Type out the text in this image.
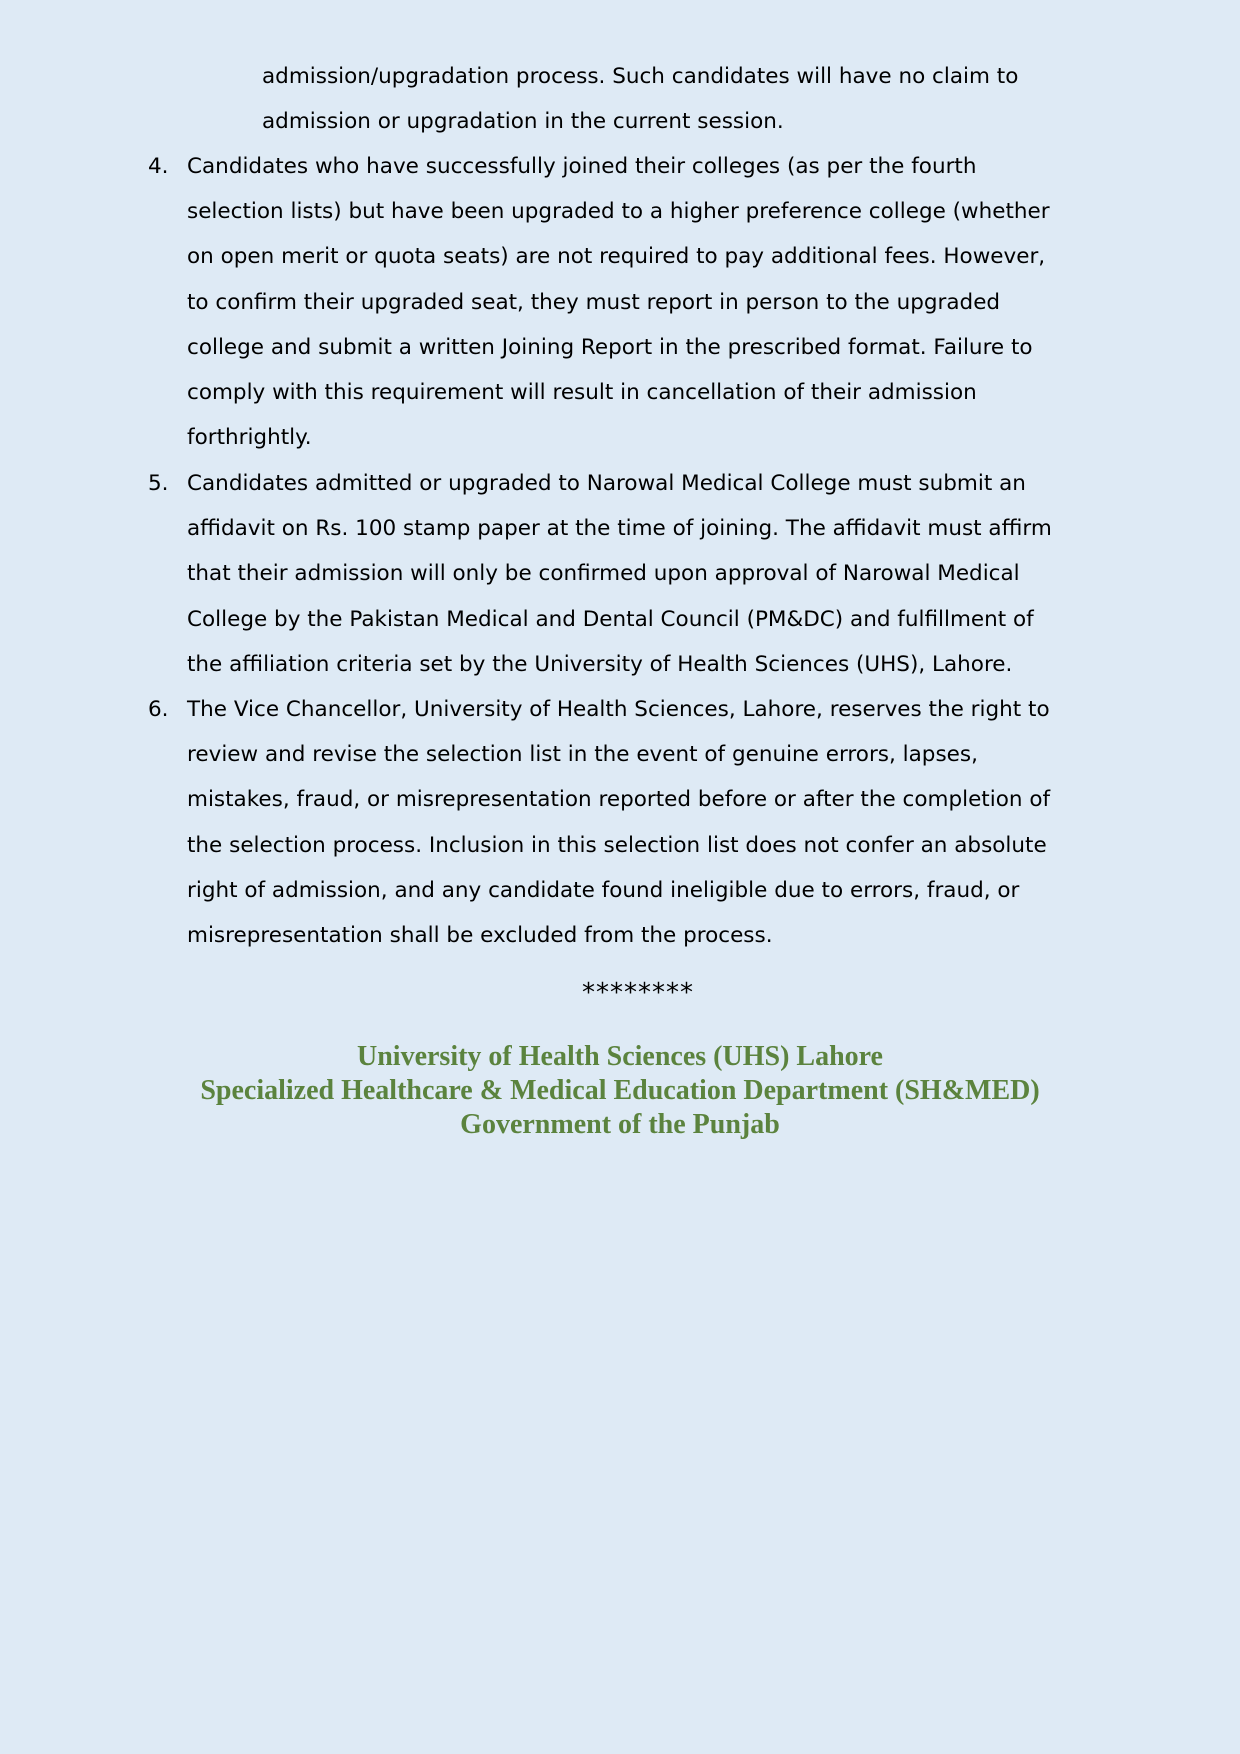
admission/upgradation process. Such candidates will have no claim to
admission or upgradation in the current session.
4. Candidates who have successfully joined their colleges (as per the fourth
selection lists) but have been upgraded to a higher preference college (whether
on open merit or quota seats) are not required to pay additional fees. However,
to confirm their upgraded seat, they must report in person to the upgraded
college and submit a written Joining Report in the prescribed format. Failure to
comply with this requirement will result in cancellation of their admission
forthrightly.
5. Candidates admitted or upgraded to Narowal Medical College must submit an
affidavit on Rs. 100 stamp paper at the time of joining. The affidavit must affirm
that their admission will only be confirmed upon approval of Narowal Medical
College by the Pakistan Medical and Dental Council (PM&DC) and fulfillment of
the affiliation criteria set by the University of Health Sciences (UHS), Lahore.
6. The Vice Chancellor, University of Health Sciences, Lahore, reserves the right to
review and revise the selection list in the event of genuine errors, lapses,
mistakes, fraud, or misrepresentation reported before or after the completion of
the selection process. Inclusion in this selection list does not confer an absolute
right of admission, and any candidate found ineligible due to errors, fraud, or
misrepresentation shall be excluded from the process.
********
University of Health Sciences (UHS) Lahore
Specialized Healthcare & Medical Education Department (SH&MED)
Government of the Punjab
